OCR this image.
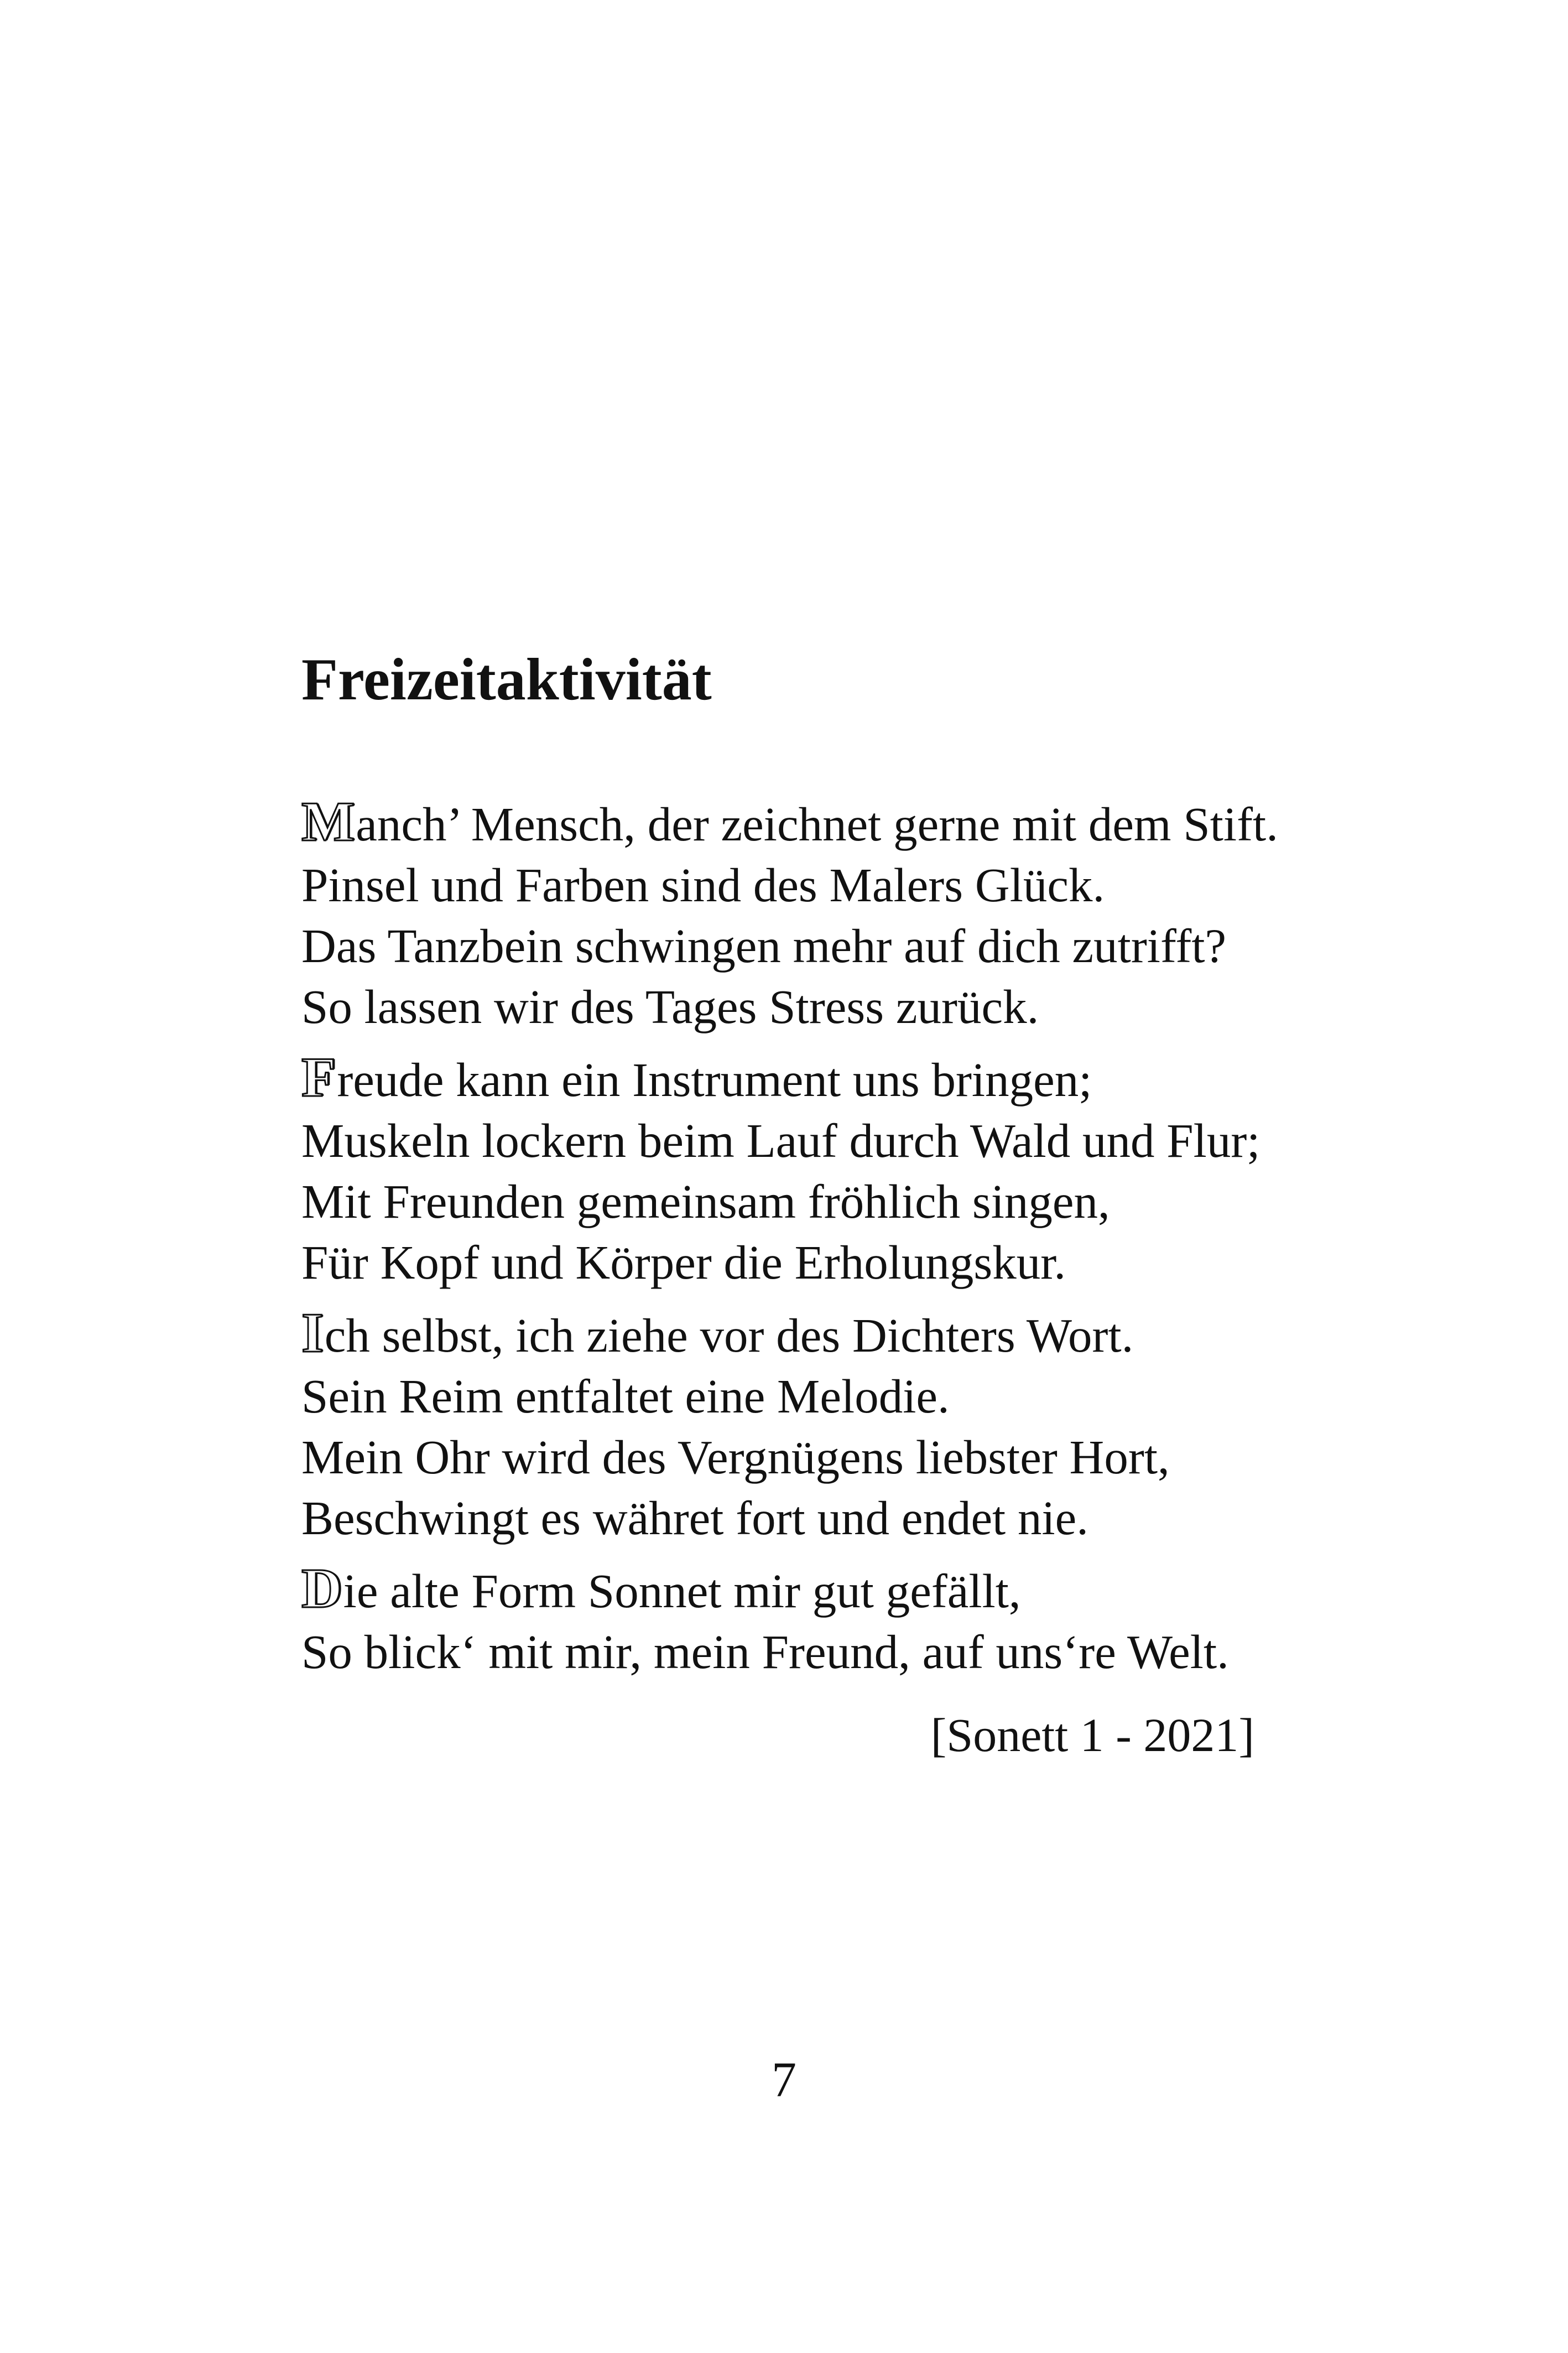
Freizeitaktivität
Manch’ Mensch, der zeichnet gerne mit dem Stift.
Pinsel und Farben sind des Malers Glück.
Das Tanzbein schwingen mehr auf dich zutrifft?
So lassen wir des Tages Stress zurück.
Freude kann ein Instrument uns bringen;
Muskeln lockern beim Lauf durch Wald und Flur;
Mit Freunden gemeinsam fröhlich singen,
Für Kopf und Körper die Erholungskur.
Ich selbst, ich ziehe vor des Dichters Wort.
Sein Reim entfaltet eine Melodie.
Mein Ohr wird des Vergnügens liebster Hort,
Beschwingt es währet fort und endet nie.
Die alte Form Sonnet mir gut gefällt,
So blick‘ mit mir, mein Freund, auf uns‘re Welt.
[Sonett 1 - 2021]
7
